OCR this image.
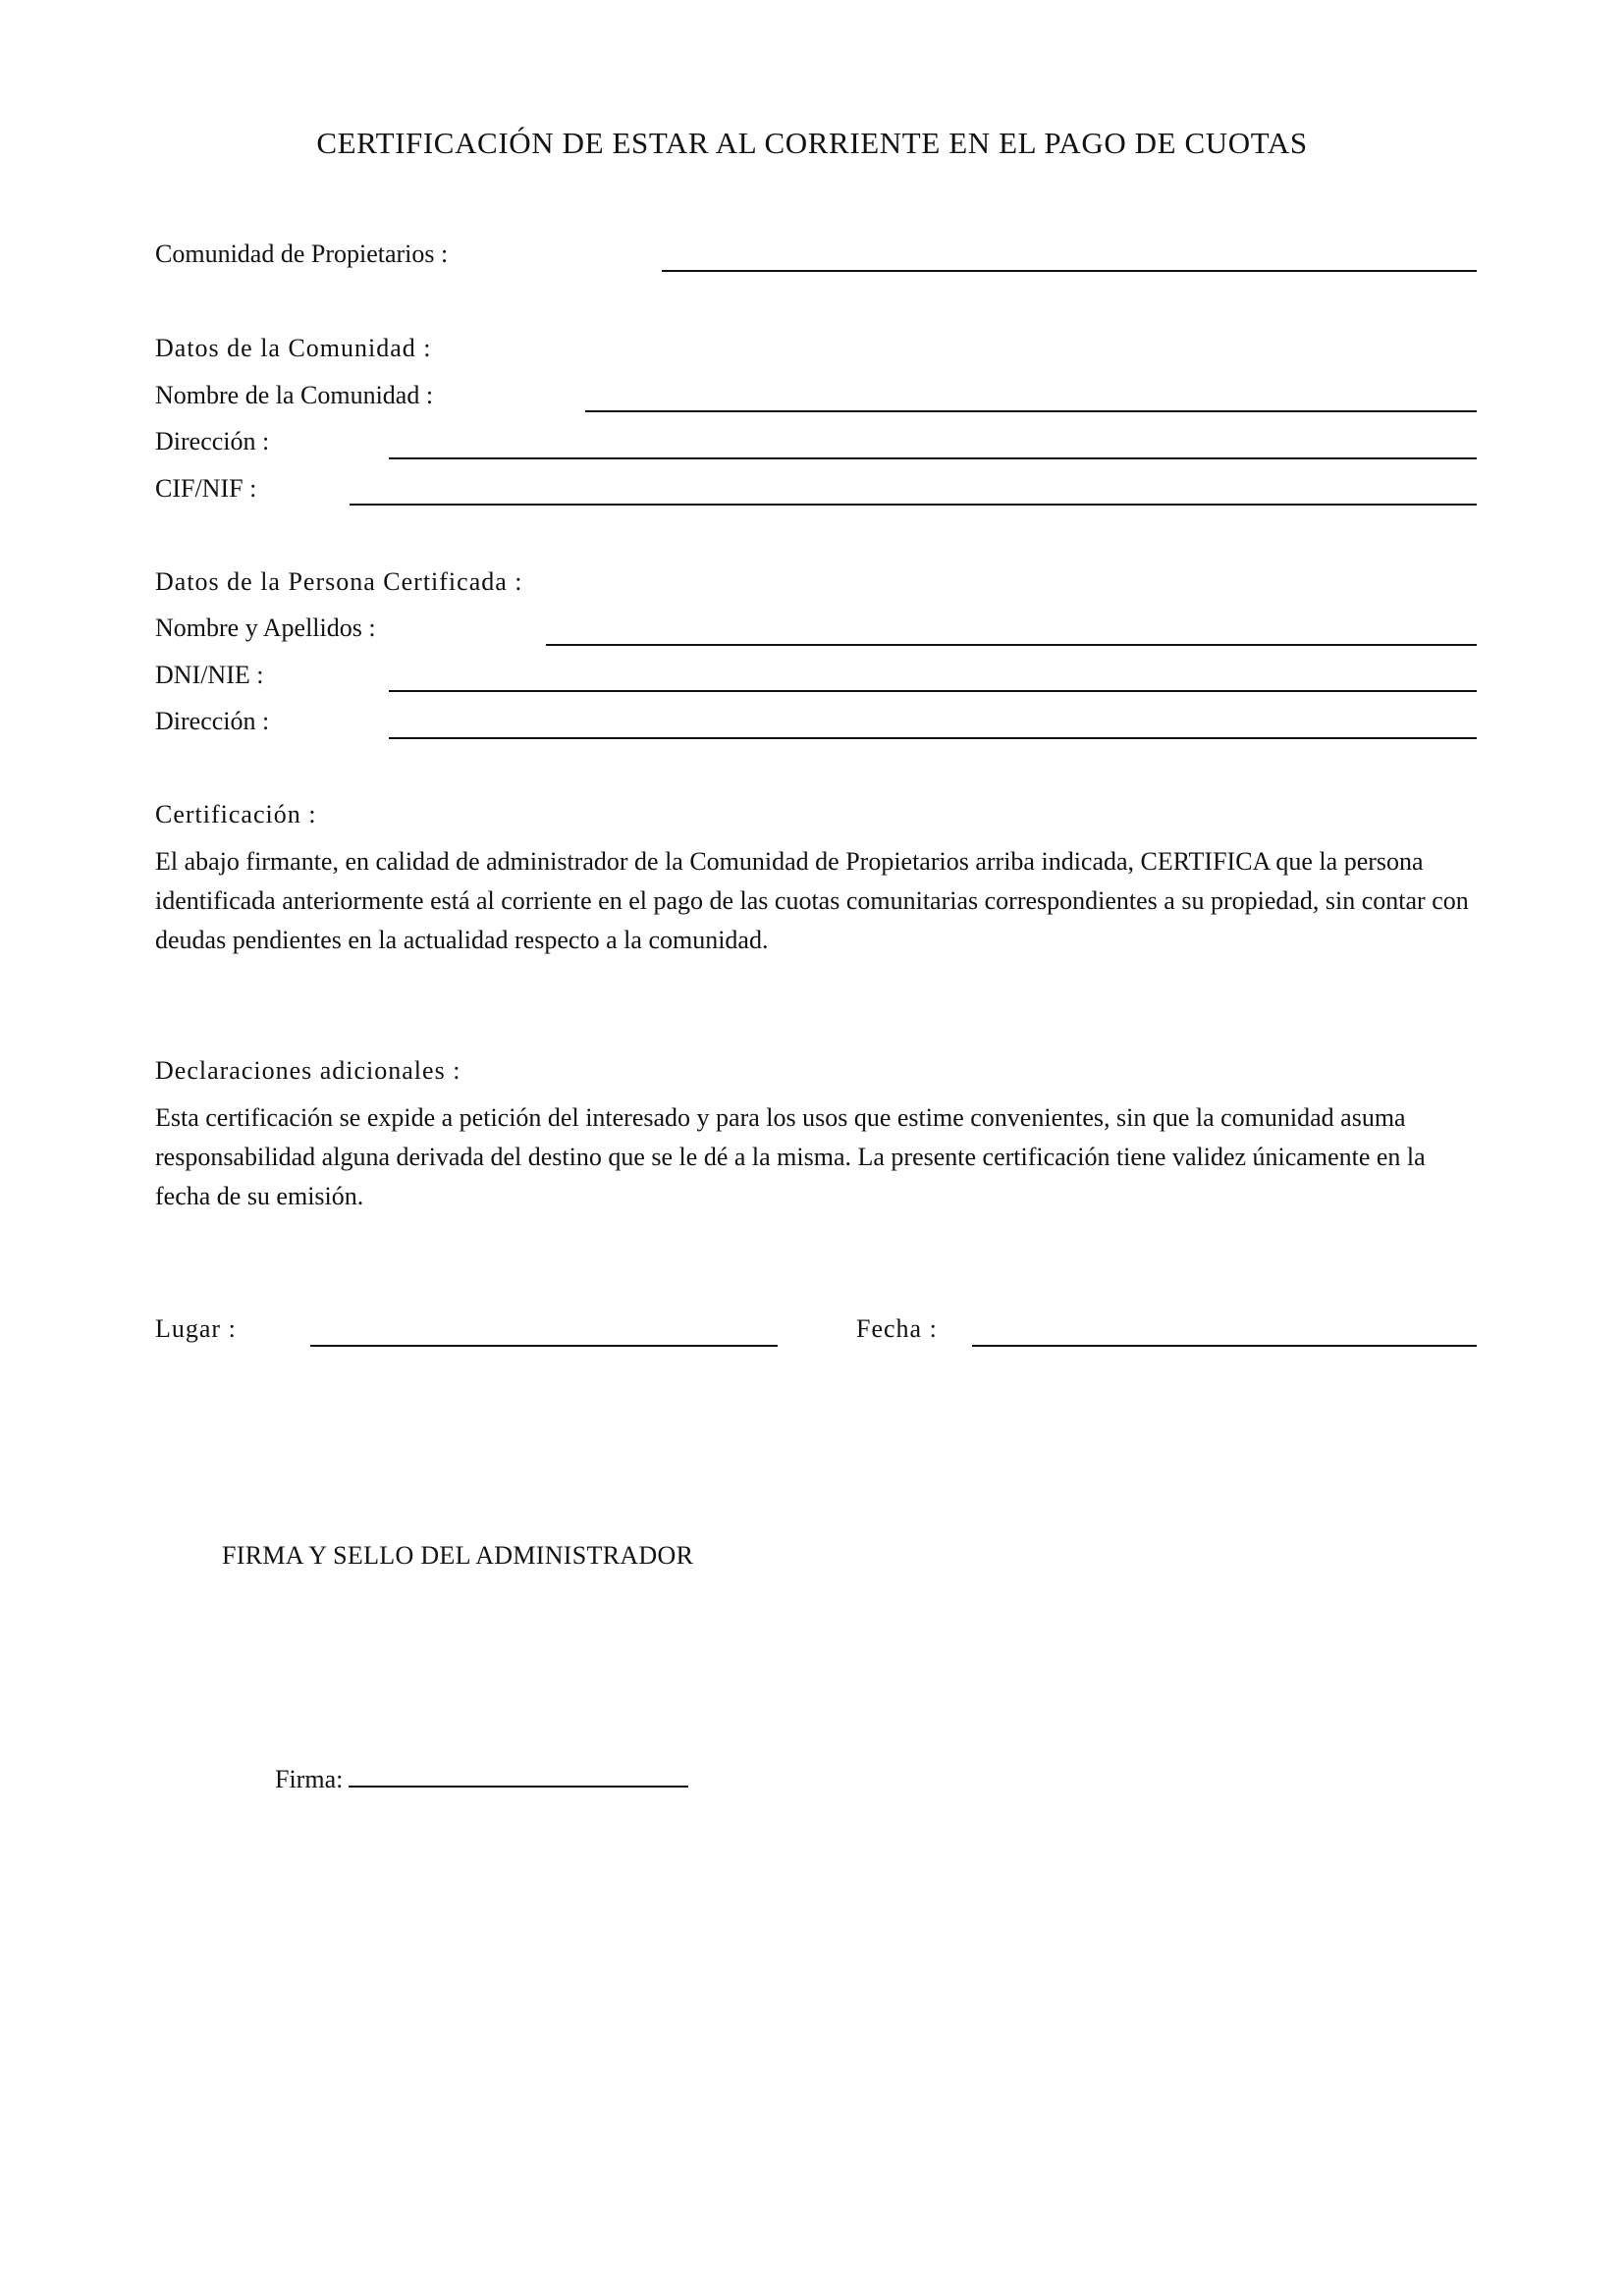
CERTIFICACIÓN DE ESTAR AL CORRIENTE EN EL PAGO DE CUOTAS
Comunidad de Propietarios :
Datos de la Comunidad :
Nombre de la Comunidad :
Dirección :
CIF/NIF :
Datos de la Persona Certificada :
Nombre y Apellidos :
DNI/NIE :
Dirección :
Certificación :
El abajo firmante, en calidad de administrador de la Comunidad de Propietarios arriba indicada, CERTIFICA que la persona identificada anteriormente está al corriente en el pago de las cuotas comunitarias correspondientes a su propiedad, sin contar con deudas pendientes en la actualidad respecto a la comunidad.
Declaraciones adicionales :
Esta certificación se expide a petición del interesado y para los usos que estime convenientes, sin que la comunidad asuma responsabilidad alguna derivada del destino que se le dé a la misma. La presente certificación tiene validez únicamente en la fecha de su emisión.
Lugar :	Fecha :
FIRMA Y SELLO DEL ADMINISTRADOR
Firma:
